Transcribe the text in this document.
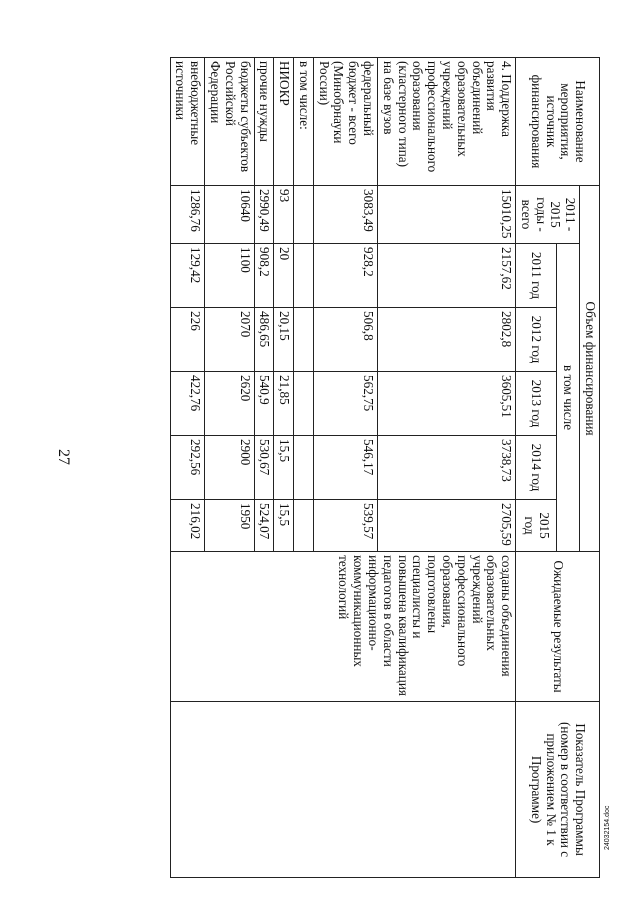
27
Наименование мероприятия, источник финансирования	Объем финансирования						Ожидаемые результаты	Показатель Программы (номер в соответствии с приложением № 1 к Программе)
	2011 - 2015 годы - всего	в том числе						
		2011 год	2012 год	2013 год	2014 год	2015 год		
4. Поддержка развития объединений образовательных учреждений профессионального образования (кластерного типа) на базе вузов	15010,25	2157,62	2802,8	3605,51	3738,73	2705,59	созданы объединения образовательных учреждений профессионального образования, подготовлены специалисты и повышена квалификация педагогов в области информационно-коммуникационных технологий	
федеральный бюджет - всего (Минобрнауки России)	3083,49	928,2	506,8	562,75	546,17	539,57		
в том числе:								
НИОКР	93	20	20,15	21,85	15,5	15,5		
прочие нужды	2990,49	908,2	486,65	540,9	530,67	524,07		
бюджеты субъектов Российской Федерации	10640	1100	2070	2620	2900	1950		
внебюджетные источники	1286,76	129,42	226	422,76	292,56	216,02		
24032154.doc
